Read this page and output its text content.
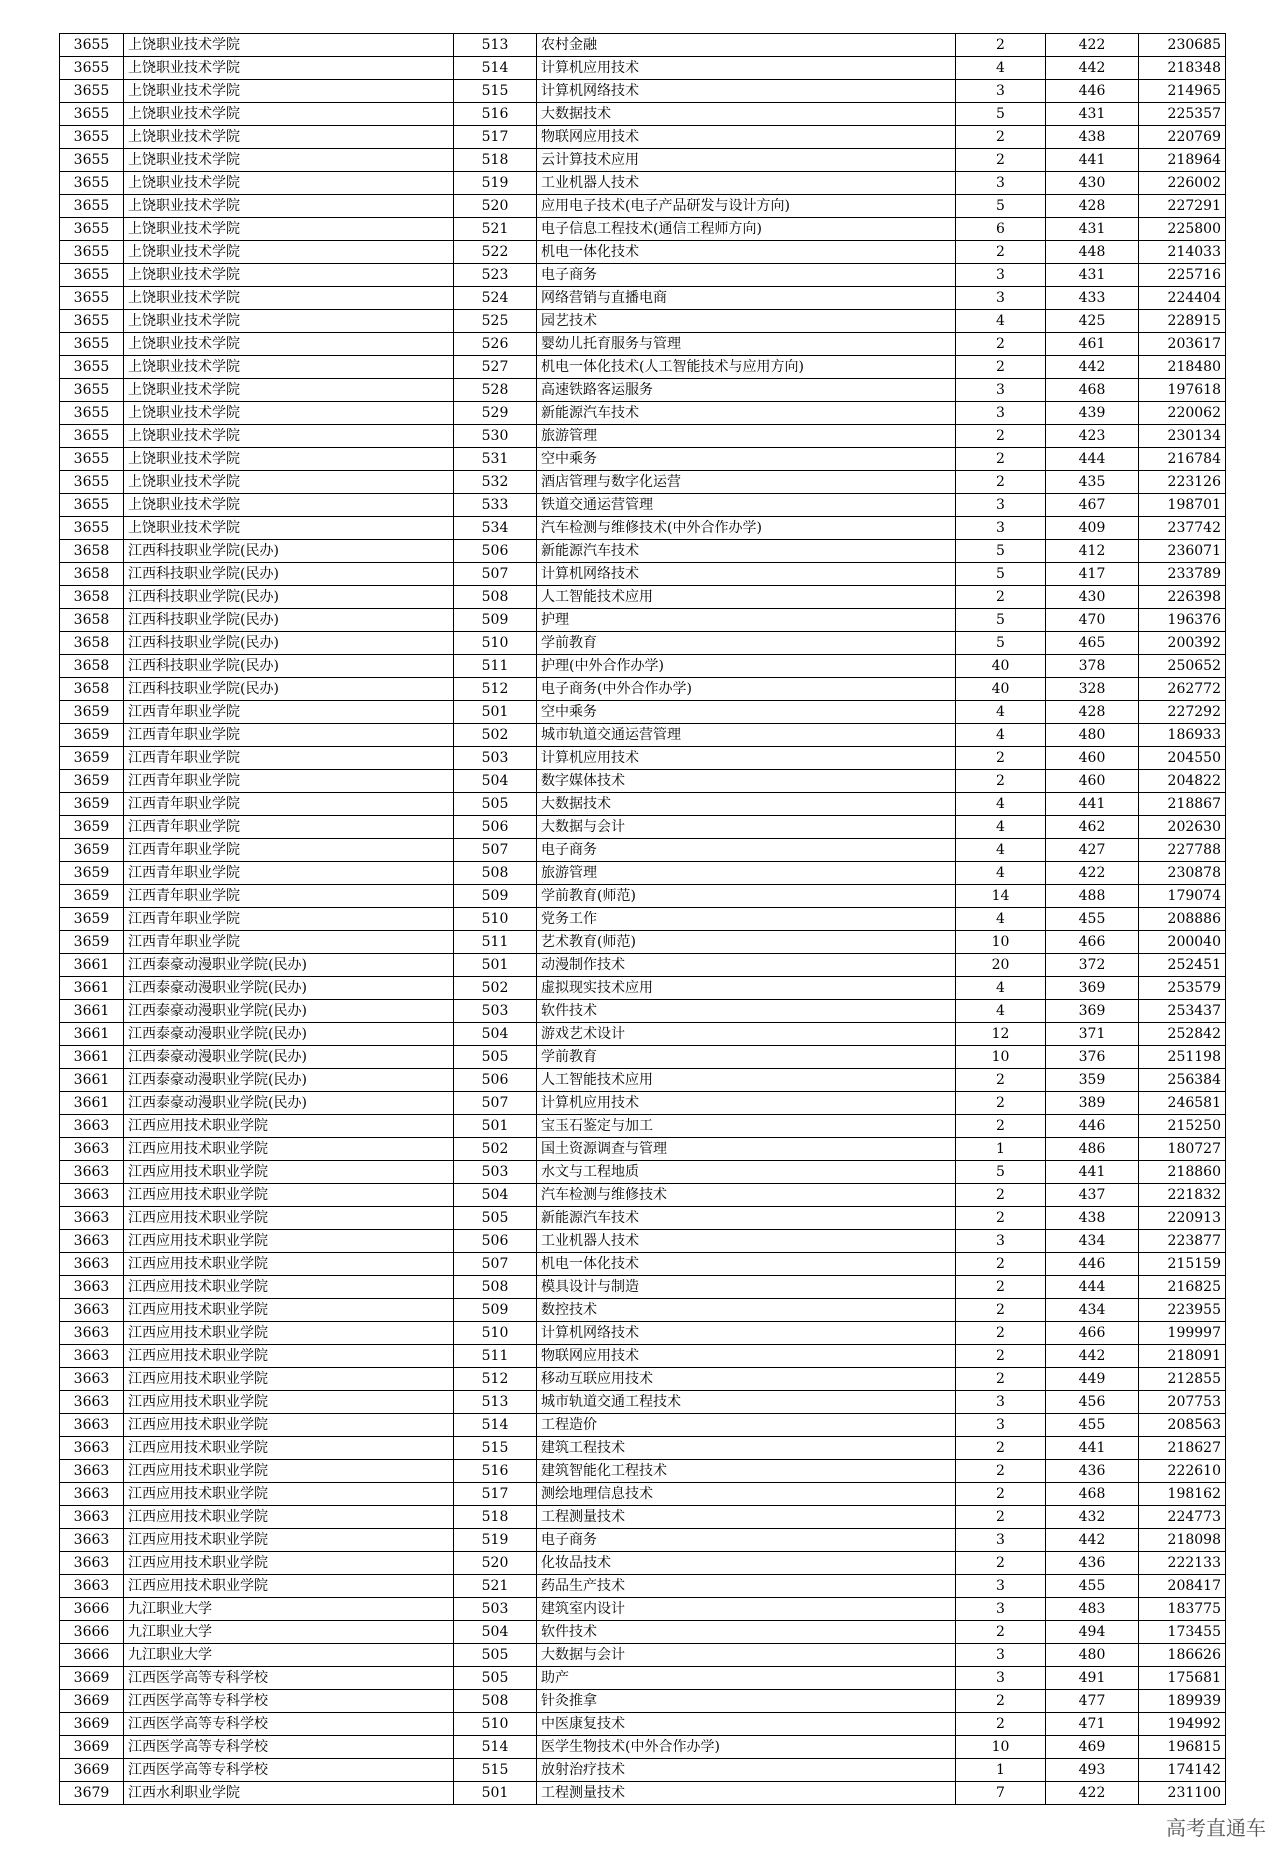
3655	上饶职业技术学院	513	农村金融	2	422	230685
3655	上饶职业技术学院	514	计算机应用技术	4	442	218348
3655	上饶职业技术学院	515	计算机网络技术	3	446	214965
3655	上饶职业技术学院	516	大数据技术	5	431	225357
3655	上饶职业技术学院	517	物联网应用技术	2	438	220769
3655	上饶职业技术学院	518	云计算技术应用	2	441	218964
3655	上饶职业技术学院	519	工业机器人技术	3	430	226002
3655	上饶职业技术学院	520	应用电子技术(电子产品研发与设计方向)	5	428	227291
3655	上饶职业技术学院	521	电子信息工程技术(通信工程师方向)	6	431	225800
3655	上饶职业技术学院	522	机电一体化技术	2	448	214033
3655	上饶职业技术学院	523	电子商务	3	431	225716
3655	上饶职业技术学院	524	网络营销与直播电商	3	433	224404
3655	上饶职业技术学院	525	园艺技术	4	425	228915
3655	上饶职业技术学院	526	婴幼儿托育服务与管理	2	461	203617
3655	上饶职业技术学院	527	机电一体化技术(人工智能技术与应用方向)	2	442	218480
3655	上饶职业技术学院	528	高速铁路客运服务	3	468	197618
3655	上饶职业技术学院	529	新能源汽车技术	3	439	220062
3655	上饶职业技术学院	530	旅游管理	2	423	230134
3655	上饶职业技术学院	531	空中乘务	2	444	216784
3655	上饶职业技术学院	532	酒店管理与数字化运营	2	435	223126
3655	上饶职业技术学院	533	铁道交通运营管理	3	467	198701
3655	上饶职业技术学院	534	汽车检测与维修技术(中外合作办学)	3	409	237742
3658	江西科技职业学院(民办)	506	新能源汽车技术	5	412	236071
3658	江西科技职业学院(民办)	507	计算机网络技术	5	417	233789
3658	江西科技职业学院(民办)	508	人工智能技术应用	2	430	226398
3658	江西科技职业学院(民办)	509	护理	5	470	196376
3658	江西科技职业学院(民办)	510	学前教育	5	465	200392
3658	江西科技职业学院(民办)	511	护理(中外合作办学)	40	378	250652
3658	江西科技职业学院(民办)	512	电子商务(中外合作办学)	40	328	262772
3659	江西青年职业学院	501	空中乘务	4	428	227292
3659	江西青年职业学院	502	城市轨道交通运营管理	4	480	186933
3659	江西青年职业学院	503	计算机应用技术	2	460	204550
3659	江西青年职业学院	504	数字媒体技术	2	460	204822
3659	江西青年职业学院	505	大数据技术	4	441	218867
3659	江西青年职业学院	506	大数据与会计	4	462	202630
3659	江西青年职业学院	507	电子商务	4	427	227788
3659	江西青年职业学院	508	旅游管理	4	422	230878
3659	江西青年职业学院	509	学前教育(师范)	14	488	179074
3659	江西青年职业学院	510	党务工作	4	455	208886
3659	江西青年职业学院	511	艺术教育(师范)	10	466	200040
3661	江西泰豪动漫职业学院(民办)	501	动漫制作技术	20	372	252451
3661	江西泰豪动漫职业学院(民办)	502	虚拟现实技术应用	4	369	253579
3661	江西泰豪动漫职业学院(民办)	503	软件技术	4	369	253437
3661	江西泰豪动漫职业学院(民办)	504	游戏艺术设计	12	371	252842
3661	江西泰豪动漫职业学院(民办)	505	学前教育	10	376	251198
3661	江西泰豪动漫职业学院(民办)	506	人工智能技术应用	2	359	256384
3661	江西泰豪动漫职业学院(民办)	507	计算机应用技术	2	389	246581
3663	江西应用技术职业学院	501	宝玉石鉴定与加工	2	446	215250
3663	江西应用技术职业学院	502	国土资源调查与管理	1	486	180727
3663	江西应用技术职业学院	503	水文与工程地质	5	441	218860
3663	江西应用技术职业学院	504	汽车检测与维修技术	2	437	221832
3663	江西应用技术职业学院	505	新能源汽车技术	2	438	220913
3663	江西应用技术职业学院	506	工业机器人技术	3	434	223877
3663	江西应用技术职业学院	507	机电一体化技术	2	446	215159
3663	江西应用技术职业学院	508	模具设计与制造	2	444	216825
3663	江西应用技术职业学院	509	数控技术	2	434	223955
3663	江西应用技术职业学院	510	计算机网络技术	2	466	199997
3663	江西应用技术职业学院	511	物联网应用技术	2	442	218091
3663	江西应用技术职业学院	512	移动互联应用技术	2	449	212855
3663	江西应用技术职业学院	513	城市轨道交通工程技术	3	456	207753
3663	江西应用技术职业学院	514	工程造价	3	455	208563
3663	江西应用技术职业学院	515	建筑工程技术	2	441	218627
3663	江西应用技术职业学院	516	建筑智能化工程技术	2	436	222610
3663	江西应用技术职业学院	517	测绘地理信息技术	2	468	198162
3663	江西应用技术职业学院	518	工程测量技术	2	432	224773
3663	江西应用技术职业学院	519	电子商务	3	442	218098
3663	江西应用技术职业学院	520	化妆品技术	2	436	222133
3663	江西应用技术职业学院	521	药品生产技术	3	455	208417
3666	九江职业大学	503	建筑室内设计	3	483	183775
3666	九江职业大学	504	软件技术	2	494	173455
3666	九江职业大学	505	大数据与会计	3	480	186626
3669	江西医学高等专科学校	505	助产	3	491	175681
3669	江西医学高等专科学校	508	针灸推拿	2	477	189939
3669	江西医学高等专科学校	510	中医康复技术	2	471	194992
3669	江西医学高等专科学校	514	医学生物技术(中外合作办学)	10	469	196815
3669	江西医学高等专科学校	515	放射治疗技术	1	493	174142
3679	江西水利职业学院	501	工程测量技术	7	422	231100
高考直通车
